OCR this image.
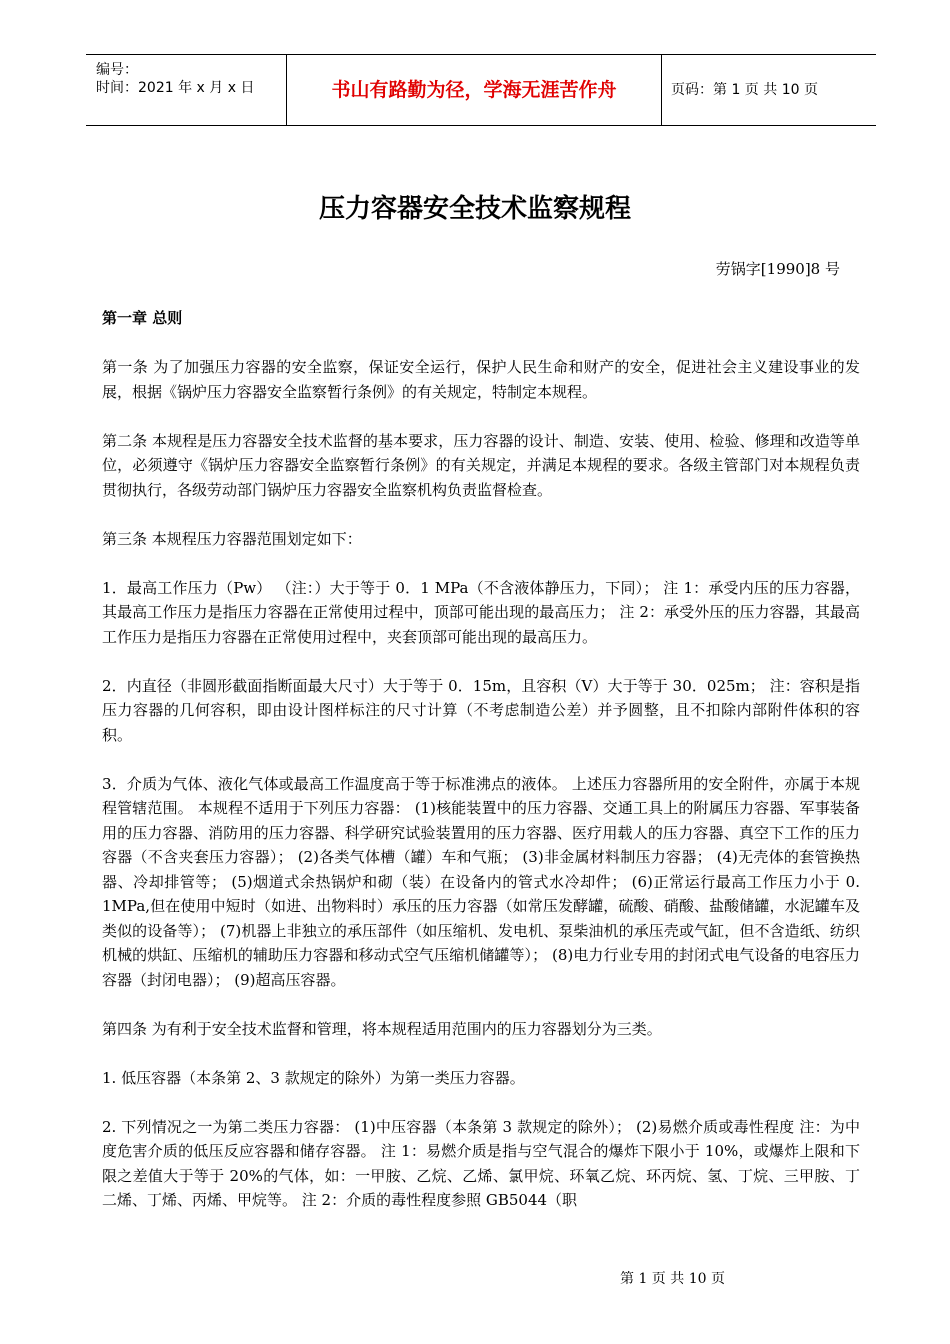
编号：
时间：2021 年 x 月 x 日	书山有路勤为径，学海无涯苦作舟	页码：第 1 页 共 10 页
压力容器安全技术监察规程
劳锅字[1990]8 号
第一章 总则

第一条 为了加强压力容器的安全监察，保证安全运行，保护人民生命和财产的安全，促进社会主义建设事业的发展，根据《锅炉压力容器安全监察暂行条例》的有关规定，特制定本规程。

第二条 本规程是压力容器安全技术监督的基本要求，压力容器的设计、制造、安装、使用、检验、修理和改造等单位，必须遵守《锅炉压力容器安全监察暂行条例》的有关规定，并满足本规程的要求。各级主管部门对本规程负责贯彻执行，各级劳动部门锅炉压力容器安全监察机构负责监督检查。

第三条 本规程压力容器范围划定如下：

1．最高工作压力（Pw） （注：）大于等于 0．1 MPa（不含液体静压力，下同）； 注 1：承受内压的压力容器，其最高工作压力是指压力容器在正常使用过程中，顶部可能出现的最高压力； 注 2：承受外压的压力容器，其最高工作压力是指压力容器在正常使用过程中，夹套顶部可能出现的最高压力。

2．内直径（非圆形截面指断面最大尺寸）大于等于 0．15m，且容积（V）大于等于 30．025m； 注：容积是指压力容器的几何容积，即由设计图样标注的尺寸计算（不考虑制造公差）并予圆整，且不扣除内部附件体积的容积。

3．介质为气体、液化气体或最高工作温度高于等于标准沸点的液体。 上述压力容器所用的安全附件，亦属于本规程管辖范围。 本规程不适用于下列压力容器： (1)核能装置中的压力容器、交通工具上的附属压力容器、军事装备用的压力容器、消防用的压力容器、科学研究试验装置用的压力容器、医疗用载人的压力容器、真空下工作的压力容器（不含夹套压力容器）； (2)各类气体槽（罐）车和气瓶； (3)非金属材料制压力容器； (4)无壳体的套管换热器、冷却排管等； (5)烟道式余热锅炉和砌（装）在设备内的管式水冷却件； (6)正常运行最高工作压力小于 0. 1MPa,但在使用中短时（如进、出物料时）承压的压力容器（如常压发酵罐，硫酸、硝酸、盐酸储罐，水泥罐车及类似的设备等）； (7)机器上非独立的承压部件（如压缩机、发电机、泵柴油机的承压壳或气缸，但不含造纸、纺织机械的烘缸、压缩机的辅助压力容器和移动式空气压缩机储罐等）； (8)电力行业专用的封闭式电气设备的电容压力容器（封闭电器）； (9)超高压容器。

第四条 为有利于安全技术监督和管理，将本规程适用范围内的压力容器划分为三类。

1. 低压容器（本条第 2、3 款规定的除外）为第一类压力容器。

2. 下列情况之一为第二类压力容器： (1)中压容器（本条第 3 款规定的除外）； (2)易燃介质或毒性程度 注：为中度危害介质的低压反应容器和储存容器。 注 1：易燃介质是指与空气混合的爆炸下限小于 10%，或爆炸上限和下限之差值大于等于 20%的气体，如：一甲胺、乙烷、乙烯、氯甲烷、环氧乙烷、环丙烷、氢、丁烷、三甲胺、丁二烯、丁烯、丙烯、甲烷等。 注 2：介质的毒性程度参照 GB5044（职

第 1 页 共 10 页
